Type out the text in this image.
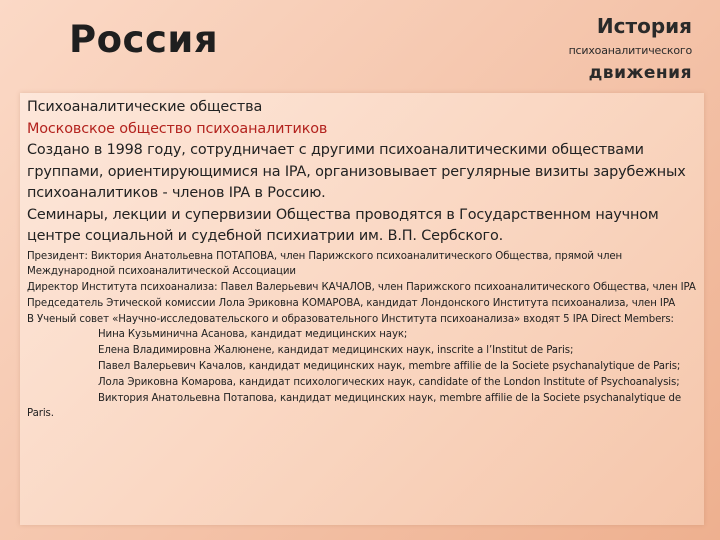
Россия	История
психоаналитического
движения

Психоаналитические общества

Московское общество психоаналитиков

Создано в 1998 году, сотрудничает с другими психоаналитическими обществами группами, ориентирующимися на IPA, организовывает регулярные визиты зарубежных психоаналитиков - членов IPA в Россию.

Семинары, лекции и супервизии Общества проводятся в Государственном научном центре социальной и судебной психиатрии им. В.П. Сербского.

Президент: Виктория Анатольевна ПОТАПОВА, член Парижского психоаналитического Общества, прямой член Международной психоаналитической Ассоциации

Директор Института психоанализа: Павел Валерьевич КАЧАЛОВ, член Парижского психоаналитического Общества, член IPA

Председатель Этической комиссии Лола Эриковна КОМАРОВА, кандидат Лондонского Института психоанализа, член IPA

В Ученый совет «Научно-исследовательского и образовательного Института психоанализа» входят 5 IPA Direct Members:

Нина Кузьминична Асанова, кандидат медицинских наук;

Елена Владимировна Жалюнене, кандидат медицинских наук, inscrite a l’Institut de Paris;

Павел Валерьевич Качалов, кандидат медицинских наук, membre affilie de la Societe psychanalytique de Paris;

Лола Эриковна Комарова, кандидат психологических наук, candidate of the London Institute of Psychoanalysis;

Виктория Анатольевна Потапова, кандидат медицинских наук, membre affilie de la Societe psychanalytique de Paris.
